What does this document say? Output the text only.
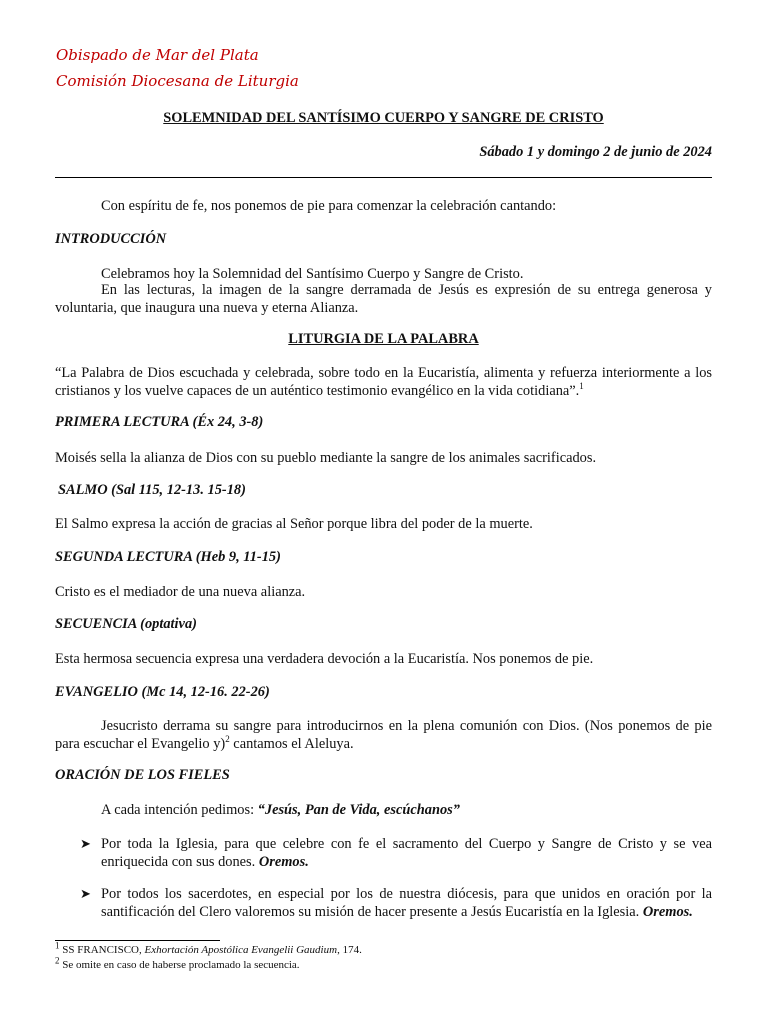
Obispado de Mar del Plata
Comisión Diocesana de Liturgia
SOLEMNIDAD DEL SANTÍSIMO CUERPO Y SANGRE DE CRISTO
Sábado 1 y domingo 2 de junio de 2024
Con espíritu de fe, nos ponemos de pie para comenzar la celebración cantando:
INTRODUCCIÓN
Celebramos hoy la Solemnidad del Santísimo Cuerpo y Sangre de Cristo.
En las lecturas, la imagen de la sangre derramada de Jesús es expresión de su entrega generosa y voluntaria, que inaugura una nueva y eterna Alianza.
LITURGIA DE LA PALABRA
“La Palabra de Dios escuchada y celebrada, sobre todo en la Eucaristía, alimenta y refuerza interiormente a los cristianos y los vuelve capaces de un auténtico testimonio evangélico en la vida cotidiana”.$^1$
PRIMERA LECTURA (Éx 24, 3-8)
Moisés sella la alianza de Dios con su pueblo mediante la sangre de los animales sacrificados.
SALMO (Sal 115, 12-13. 15-18)
El Salmo expresa la acción de gracias al Señor porque libra del poder de la muerte.
SEGUNDA LECTURA (Heb 9, 11-15)
Cristo es el mediador de una nueva alianza.
SECUENCIA (optativa)
Esta hermosa secuencia expresa una verdadera devoción a la Eucaristía. Nos ponemos de pie.
EVANGELIO (Mc 14, 12-16. 22-26)
Jesucristo derrama su sangre para introducirnos en la plena comunión con Dios. (Nos ponemos de pie para escuchar el Evangelio y)$^2$ cantamos el Aleluya.
ORACIÓN DE LOS FIELES
A cada intención pedimos: “Jesús, Pan de Vida, escúchanos”
➤ Por toda la Iglesia, para que celebre con fe el sacramento del Cuerpo y Sangre de Cristo y se vea enriquecida con sus dones. Oremos.
➤ Por todos los sacerdotes, en especial por los de nuestra diócesis, para que unidos en oración por la santificación del Clero valoremos su misión de hacer presente a Jesús Eucaristía en la Iglesia. Oremos.
$^1$ SS FRANCISCO, Exhortación Apostólica Evangelii Gaudium, 174.
$^2$ Se omite en caso de haberse proclamado la secuencia.
